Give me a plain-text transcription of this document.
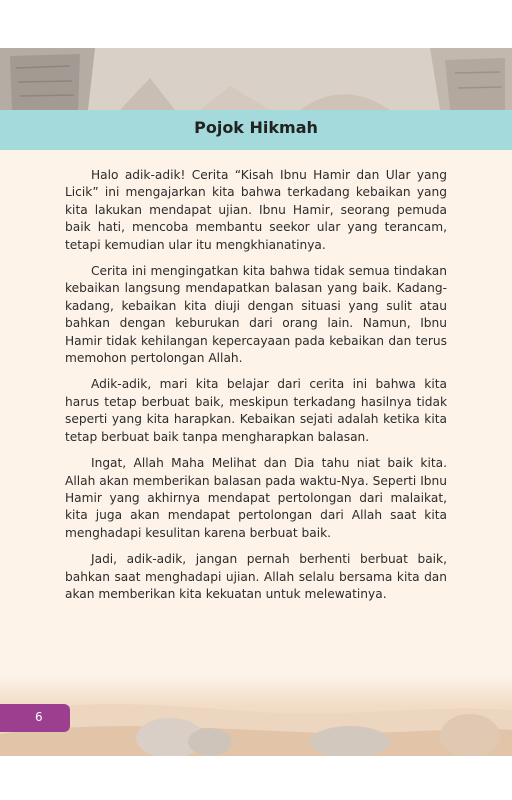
Pojok Hikmah

Halo adik-adik! Cerita “Kisah Ibnu Hamir dan Ular yang Licik” ini mengajarkan kita bahwa terkadang kebaikan yang kita lakukan mendapat ujian. Ibnu Hamir, seorang pemuda baik hati, mencoba membantu seekor ular yang terancam, tetapi kemudian ular itu mengkhianatinya.

Cerita ini mengingatkan kita bahwa tidak semua tindakan kebaikan langsung mendapatkan balasan yang baik. Kadang-kadang, kebaikan kita diuji dengan situasi yang sulit atau bahkan dengan keburukan dari orang lain. Namun, Ibnu Hamir tidak kehilangan kepercayaan pada kebaikan dan terus memohon pertolongan Allah.

Adik-adik, mari kita belajar dari cerita ini bahwa kita harus tetap berbuat baik, meskipun terkadang hasilnya tidak seperti yang kita harapkan. Kebaikan sejati adalah ketika kita tetap berbuat baik tanpa mengharapkan balasan.

Ingat, Allah Maha Melihat dan Dia tahu niat baik kita. Allah akan memberikan balasan pada waktu-Nya. Seperti Ibnu Hamir yang akhirnya mendapat pertolongan dari malaikat, kita juga akan mendapat pertolongan dari Allah saat kita menghadapi kesulitan karena berbuat baik.

Jadi, adik-adik, jangan pernah berhenti berbuat baik, bahkan saat menghadapi ujian. Allah selalu bersama kita dan akan memberikan kita kekuatan untuk melewatinya.

6
